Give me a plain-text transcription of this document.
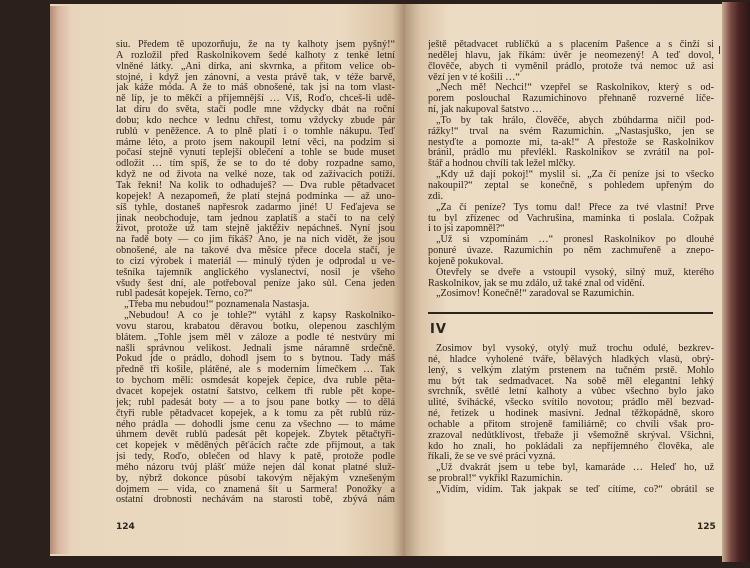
siu. Předem tě upozorňuju, že na ty kalhoty jsem pyšný!“
A rozložil před Raskolnikovem šedé kalhoty z tenké letní
vlněné látky. „Ani dírka, ani skvrnka, a přitom velice ob-
stojné, i když jen zánovní, a vesta právě tak, v téže barvě,
jak káže móda. A že to máš obnošené, tak jsi na tom vlast-
ně líp, je to měkčí a příjemnější … Víš, Roďo, chceš-li udě-
lat díru do světa, stačí podle mne vždycky dbát na roční
dobu; kdo nechce v lednu chřest, tomu vždycky zbude pár
rublů v peněžence. A to plně platí i o tomhle nákupu. Teď
máme léto, a proto jsem nakoupil letní věci, na podzim si
počasí stejně vynutí teplejší oblečení a tohle se bude muset
odložit … tím spíš, že se to do té doby rozpadne samo,
když ne od života na velké noze, tak od zažívacích potíží.
Tak řekni! Na kolik to odhaduješ? — Dva ruble pětadvacet
kopejek! A nezapomeň, že platí stejná podmínka — až uno-
síš tyhle, dostaneš napřesrok zadarmo jiné! U Feďajeva se
jinak neobchoduje, tam jednou zaplatíš a stačí to na celý
život, protože už tam stejně jaktěživ nepáchneš. Nyní jsou
na řadě boty — co jim říkáš? Ano, je na nich vidět, že jsou
obnošené, ale na takové dva měsíce přece docela stačí, je
to cizí výrobek i materiál — minulý týden je odprodal u ve-
tešníka tajemník anglického vyslanectví, nosil je všeho
všudy šest dní, ale potřeboval peníze jako sůl. Cena jeden
rubl padesát kopejek. Terno, co?“
„Třeba mu nebudou!“ poznamenala Nastasja.
„Nebudou! A co je tohle?“ vytáhl z kapsy Raskolniko-
vovu starou, krabatou děravou botku, olepenou zaschlým
blátem. „Tohle jsem měl v záloze a podle té nestvůry mi
našli správnou velikost. Jednali jsme náramně srdečně.
Pokud jde o prádlo, dohodl jsem to s bytnou. Tady máš
předně tři košile, plátěné, ale s moderním límečkem … Tak
to bychom měli: osmdesát kopejek čepice, dva ruble pěta-
dvacet kopejek ostatní šatstvo, celkem tři ruble pět kope-
jek; rubl padesát boty — a to jsou pane botky — to dělá
čtyři ruble pětadvacet kopejek, a k tomu za pět rublů růz-
ného prádla — dohodli jsme cenu za všechno — to máme
úhrnem devět rublů padesát pět kopejek. Zbytek pětačtyři-
cet kopejek v měděných pěťácích račte zde přijmout, a tak
jsi tedy, Roďo, oblečen od hlavy k patě, protože podle
mého názoru tvůj plášť může nejen dál konat platné služ-
by, nýbrž dokonce působí takovým nějakým vznešeným
dojmem — vida, co znamená šít u Šarmera! Ponožky a
ostatní drobnosti nechávám na starosti tobě, zbývá nám
124
ještě pětadvacet rublíčků a s placením Pašence a s činží si
nedělej hlavu, jak říkám: úvěr je neomezený! A teď dovol,
člověče, abych ti vyměnil prádlo, protože tvá nemoc už asi
vězí jen v té košili …“
„Nech mě! Nechci!“ vzepřel se Raskolnikov, který s od-
porem poslouchal Razumichinovo přehnaně rozverné líče-
ní, jak nakupoval šatstvo …
„To by tak hrálo, člověče, abych zbůhdarma ničil pod-
rážky!“ trval na svém Razumichin. „Nastasjuško, jen se
nestyďte a pomozte mi, ta-ak!“ A přestože se Raskolnikov
bránil, prádlo mu převlékl. Raskolnikov se zvrátil na pol-
štář a hodnou chvíli tak ležel mlčky.
„Kdy už dají pokoj!“ myslil si. „Za čí peníze jsi to všecko
nakoupil?“ zeptal se konečně, s pohledem upřeným do
zdi.
„Za čí peníze? Tys tomu dal! Přece za tvé vlastní! Prve
tu byl zřízenec od Vachrušina, maminka ti poslala. Cožpak
i to jsi zapomněl?“
„Už si vzpomínám …“ pronesl Raskolnikov po dlouhé
ponuré úvaze. Razumichin po něm zachmuřeně a znepo-
kojeně pokukoval.
Otevřely se dveře a vstoupil vysoký, silný muž, kterého
Raskolnikov, jak se mu zdálo, už také znal od vidění.
„Zosimov! Konečně!“ zaradoval se Razumichin.
IV
Zosimov byl vysoký, otylý muž trochu odulé, bezkrev-
né, hladce vyholené tváře, bělavých hladkých vlasů, obrý-
lený, s velkým zlatým prstenem na tučném prstě. Mohlo
mu být tak sedmadvacet. Na sobě měl elegantní lehký
svrchník, světlé letní kalhoty a vůbec všechno bylo jako
ulité, švihácké, všecko svítilo novotou; prádlo měl bezvad-
né, řetízek u hodinek masivní. Jednal těžkopádně, skoro
ochable a přitom strojeně familiárně; co chvíli však pro-
zrazoval nedůtklivost, třebaže ji všemožně skrýval. Všichni,
kdo ho znali, ho pokládali za nepříjemného člověka, ale
říkali, že se ve své práci vyzná.
„Už dvakrát jsem u tebe byl, kamaráde … Heleď ho, už
se probral!“ vykřikl Razumichin.
„Vidím, vidím. Tak jakpak se teď cítíme, co?“ obrátil se
125
